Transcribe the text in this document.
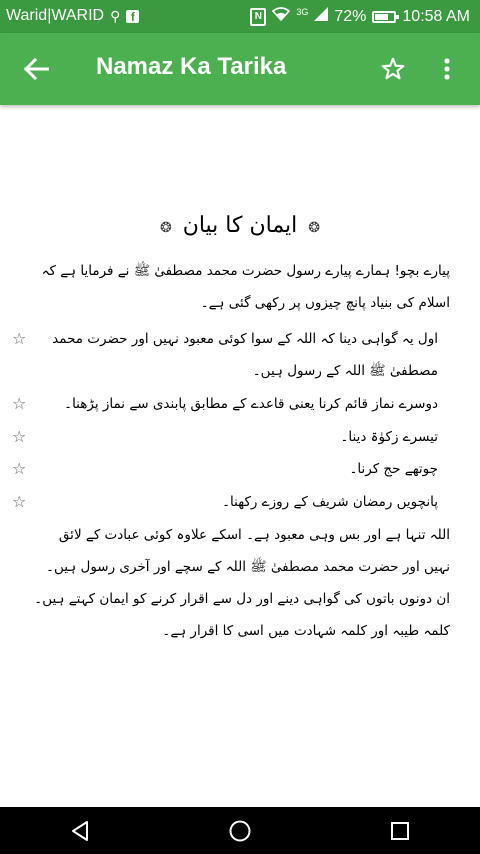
Warid|WARID ⚲ f	N	3G 72% 10:58 AM
Namaz Ka Tarika
❂ ایمان کا بیان ❂
پیارے بچو! ہمارے پیارے رسول حضرت محمد مصطفیٰ ﷺ نے فرمایا ہے کہ اسلام کی بنیاد پانچ چیزوں پر رکھی گئی ہے۔
اول یہ گواہی دینا کہ اللہ کے سوا کوئی معبود نہیں اور حضرت محمد مصطفیٰ ﷺ اللہ کے رسول ہیں۔
☆
دوسرے نماز قائم کرنا یعنی قاعدے کے مطابق پابندی سے نماز پڑھنا۔
☆
تیسرے زکوٰۃ دینا۔
☆
چوتھے حج کرنا۔
☆
پانچویں رمضان شریف کے روزے رکھنا۔
☆
اللہ تنہا ہے اور بس وہی معبود ہے۔ اسکے علاوہ کوئی عبادت کے لائق نہیں اور حضرت محمد مصطفیٰ ﷺ اللہ کے سچے اور آخری رسول ہیں۔ ان دونوں باتوں کی گواہی دینے اور دل سے اقرار کرنے کو ایمان کہتے ہیں۔ کلمہ طیبہ اور کلمہ شہادت میں اسی کا اقرار ہے۔
